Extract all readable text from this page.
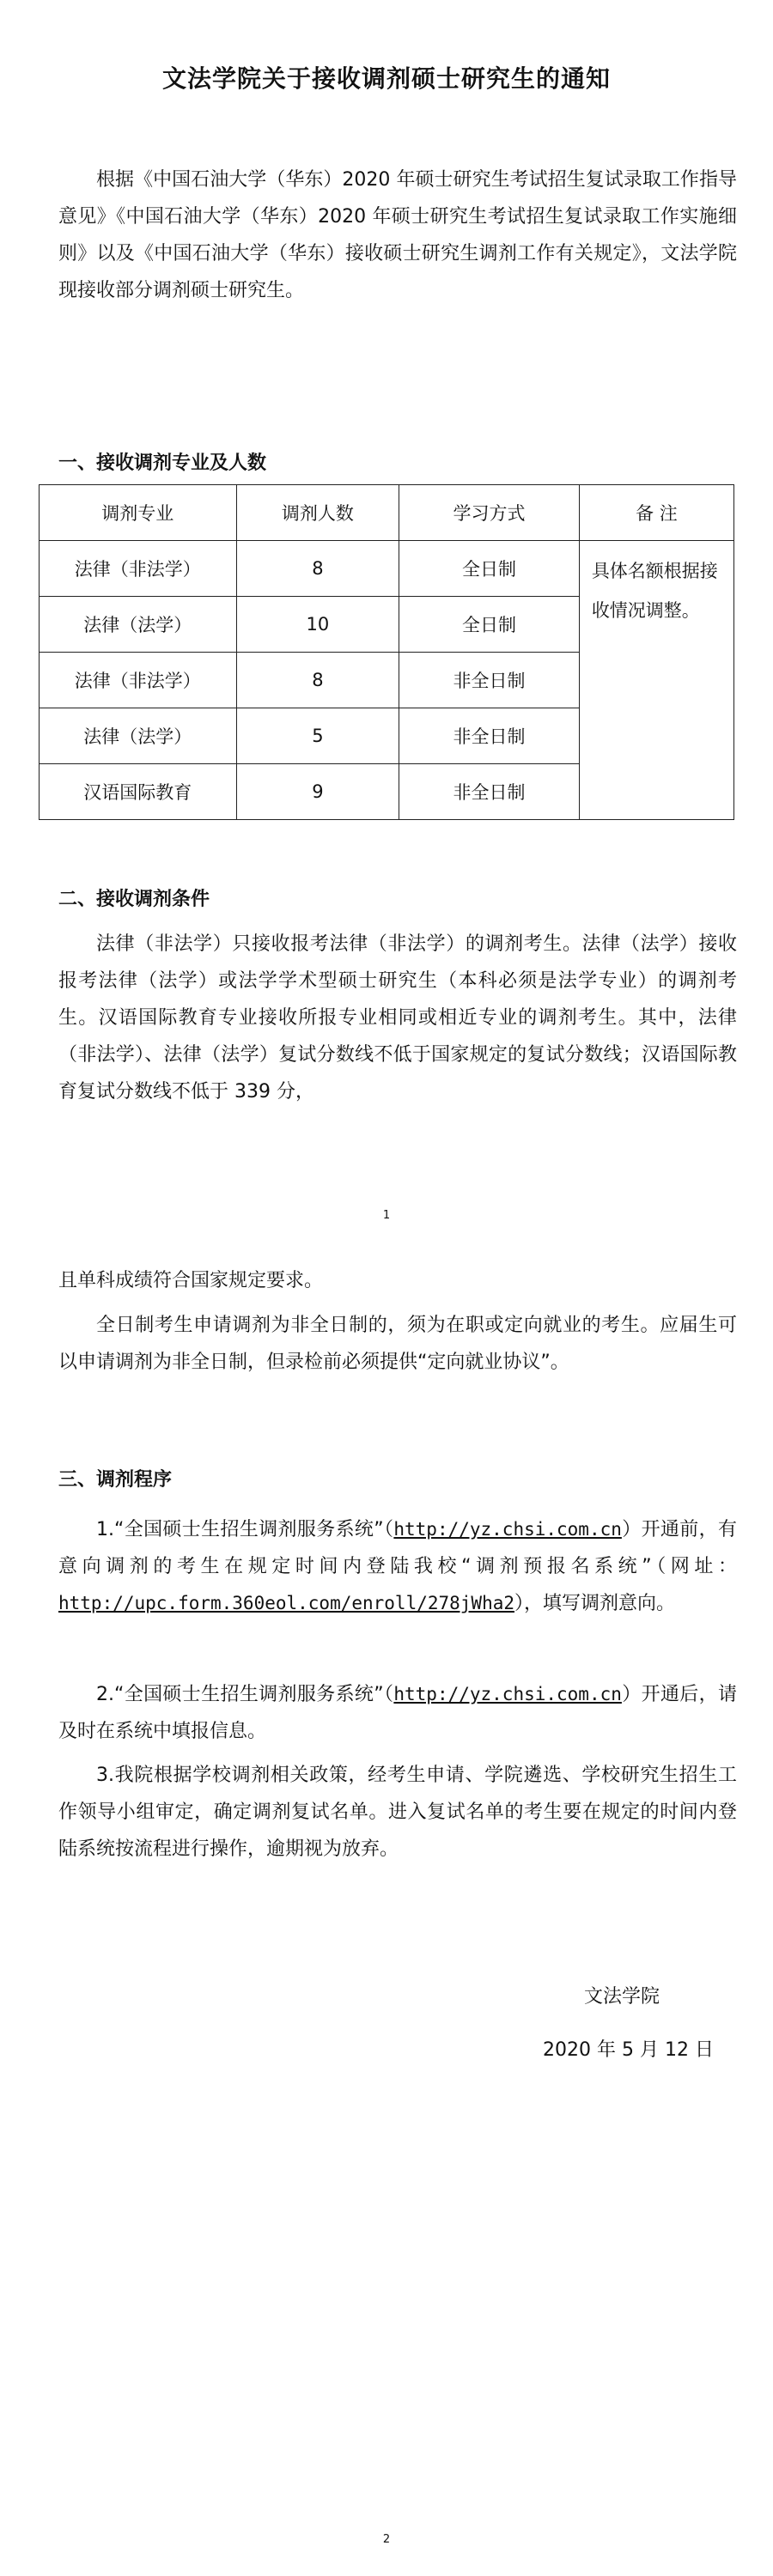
文法学院关于接收调剂硕士研究生的通知

根据《中国石油大学（华东）2020 年硕士研究生考试招生复试录取工作指导意见》《中国石油大学（华东）2020 年硕士研究生考试招生复试录取工作实施细则》以及《中国石油大学（华东）接收硕士研究生调剂工作有关规定》，文法学院现接收部分调剂硕士研究生。

一、接收调剂专业及人数
调剂专业	调剂人数	学习方式	备 注
法律（非法学）	8	全日制	具体名额根据接收情况调整。
法律（法学）	10	全日制	
法律（非法学）	8	非全日制	
法律（法学）	5	非全日制	
汉语国际教育	9	非全日制	
二、接收调剂条件

法律（非法学）只接收报考法律（非法学）的调剂考生。法律（法学）接收报考法律（法学）或法学学术型硕士研究生（本科必须是法学专业）的调剂考生。汉语国际教育专业接收所报专业相同或相近专业的调剂考生。其中，法律（非法学）、法律（法学）复试分数线不低于国家规定的复试分数线；汉语国际教育复试分数线不低于 339 分，

1

且单科成绩符合国家规定要求。

全日制考生申请调剂为非全日制的，须为在职或定向就业的考生。应届生可以申请调剂为非全日制，但录检前必须提供“定向就业协议”。

三、调剂程序

1.“全国硕士生招生调剂服务系统”（http://yz.chsi.com.cn）开通前，有意向调剂的考生在规定时间内登陆我校“调剂预报名系统”（网址：http://upc.form.360eol.com/enroll/278jWha2），填写调剂意向。

2.“全国硕士生招生调剂服务系统”（http://yz.chsi.com.cn）开通后，请及时在系统中填报信息。

3.我院根据学校调剂相关政策，经考生申请、学院遴选、学校研究生招生工作领导小组审定，确定调剂复试名单。进入复试名单的考生要在规定的时间内登陆系统按流程进行操作，逾期视为放弃。

文法学院
2020 年 5 月 12 日
2
